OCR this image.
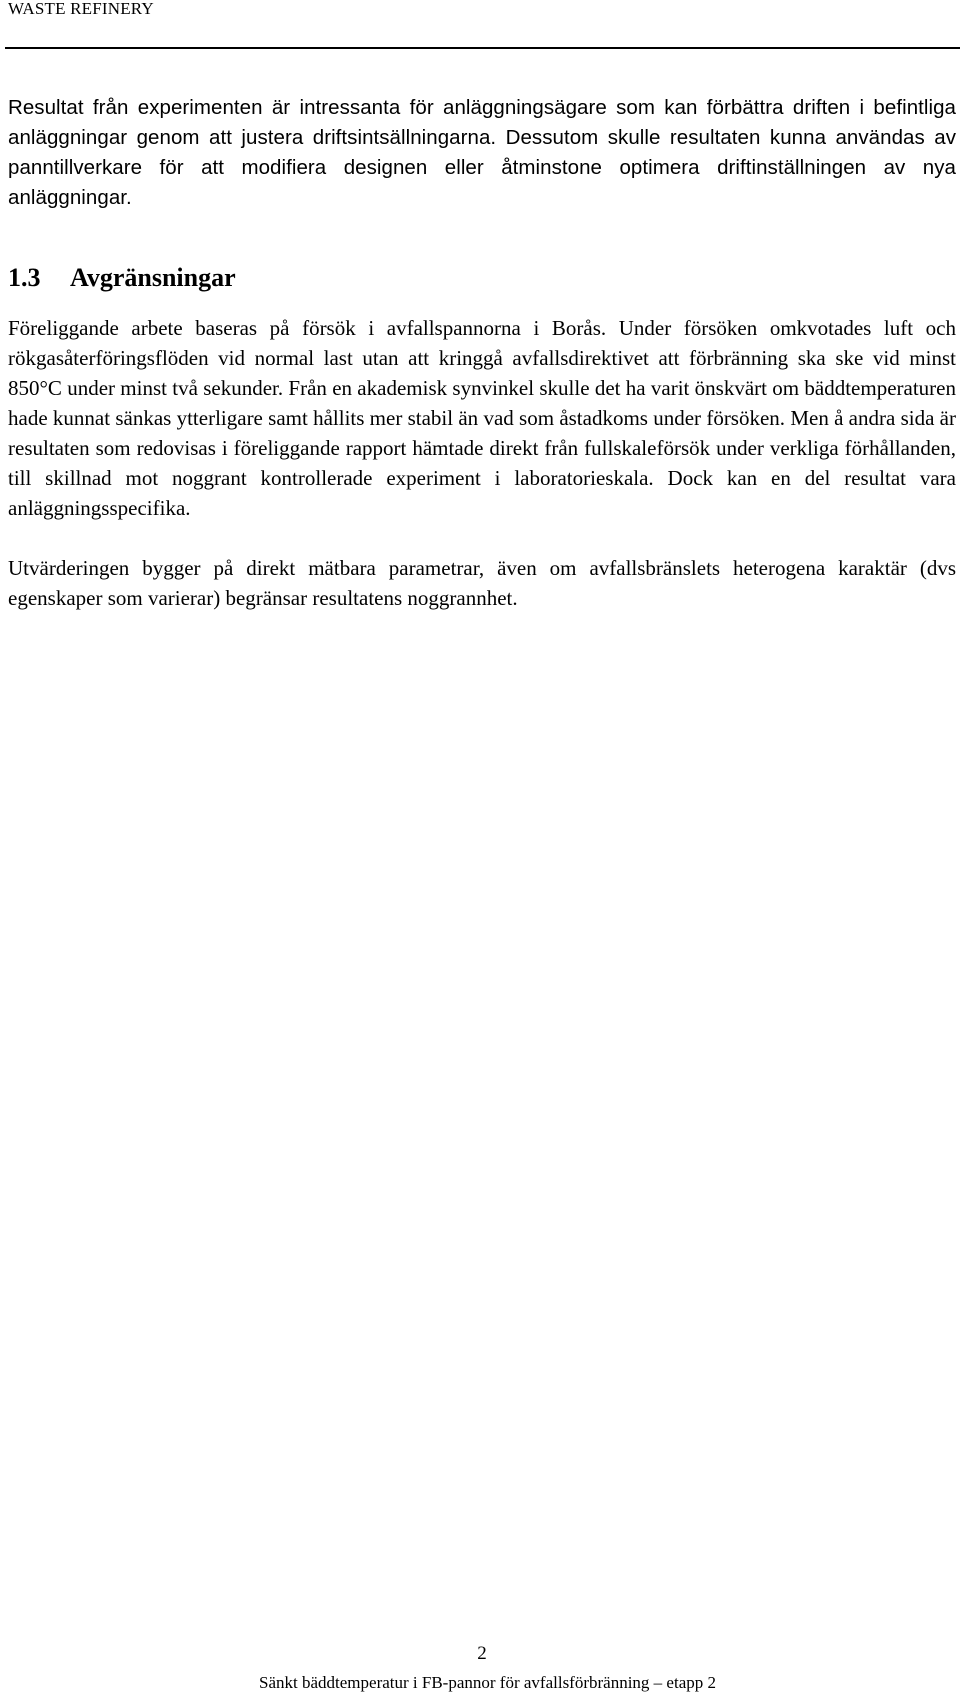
WASTE REFINERY

Resultat från experimenten är intressanta för anläggningsägare som kan förbättra driften i befintliga anläggningar genom att justera driftsintsällningarna. Dessutom skulle resultaten kunna användas av panntillverkare för att modifiera designen eller åtminstone optimera driftinställningen av nya anläggningar.

1.3 Avgränsningar

Föreliggande arbete baseras på försök i avfallspannorna i Borås. Under försöken omkvotades luft och rökgasåterföringsflöden vid normal last utan att kringgå avfallsdirektivet att förbränning ska ske vid minst 850°C under minst två sekunder. Från en akademisk synvinkel skulle det ha varit önskvärt om bäddtemperaturen hade kunnat sänkas ytterligare samt hållits mer stabil än vad som åstadkoms under försöken. Men å andra sida är resultaten som redovisas i föreliggande rapport hämtade direkt från fullskaleförsök under verkliga förhållanden, till skillnad mot noggrant kontrollerade experiment i laboratorieskala. Dock kan en del resultat vara anläggningsspecifika.

Utvärderingen bygger på direkt mätbara parametrar, även om avfallsbränslets heterogena karaktär (dvs egenskaper som varierar) begränsar resultatens noggrannhet.

2
Sänkt bäddtemperatur i FB-pannor för avfallsförbränning – etapp 2
